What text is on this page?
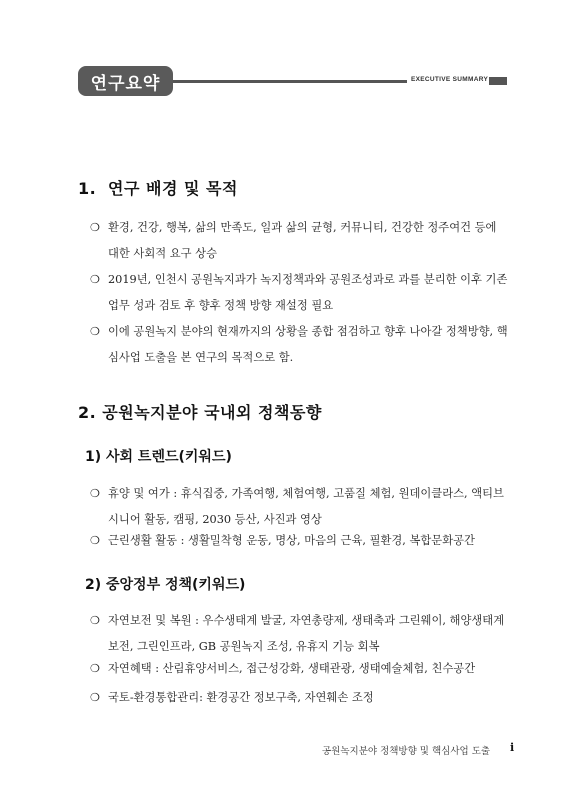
연구요약	EXECUTIVE SUMMARY
1. 연구 배경 및 목적
❍ 환경, 건강, 행복, 삶의 만족도, 일과 삶의 균형, 커뮤니티, 건강한 정주여건 등에 대한 사회적 요구 상승
❍ 2019년, 인천시 공원녹지과가 녹지정책과와 공원조성과로 과를 분리한 이후 기존 업무 성과 검토 후 향후 정책 방향 재설정 필요
❍ 이에 공원녹지 분야의 현재까지의 상황을 종합 점검하고 향후 나아갈 정책방향, 핵심사업 도출을 본 연구의 목적으로 함.
2. 공원녹지분야 국내외 정책동향
1) 사회 트렌드(키워드)
❍ 휴양 및 여가 : 휴식집중, 가족여행, 체험여행, 고품질 체험, 원데이클라스, 액티브시니어 활동, 캠핑, 2030 등산, 사진과 영상
❍ 근린생활 활동 : 생활밀착형 운동, 명상, 마음의 근육, 필환경, 복합문화공간
2) 중앙정부 정책(키워드)
❍ 자연보전 및 복원 : 우수생태계 발굴, 자연총량제, 생태축과 그린웨이, 해양생태계 보전, 그린인프라, GB 공원녹지 조성, 유휴지 기능 회복
❍ 자연혜택 : 산림휴양서비스, 접근성강화, 생태관광, 생태예술체험, 친수공간
❍ 국토-환경통합관리: 환경공간 정보구축, 자연훼손 조정
공원녹지분야 정책방향 및 핵심사업 도출 i
